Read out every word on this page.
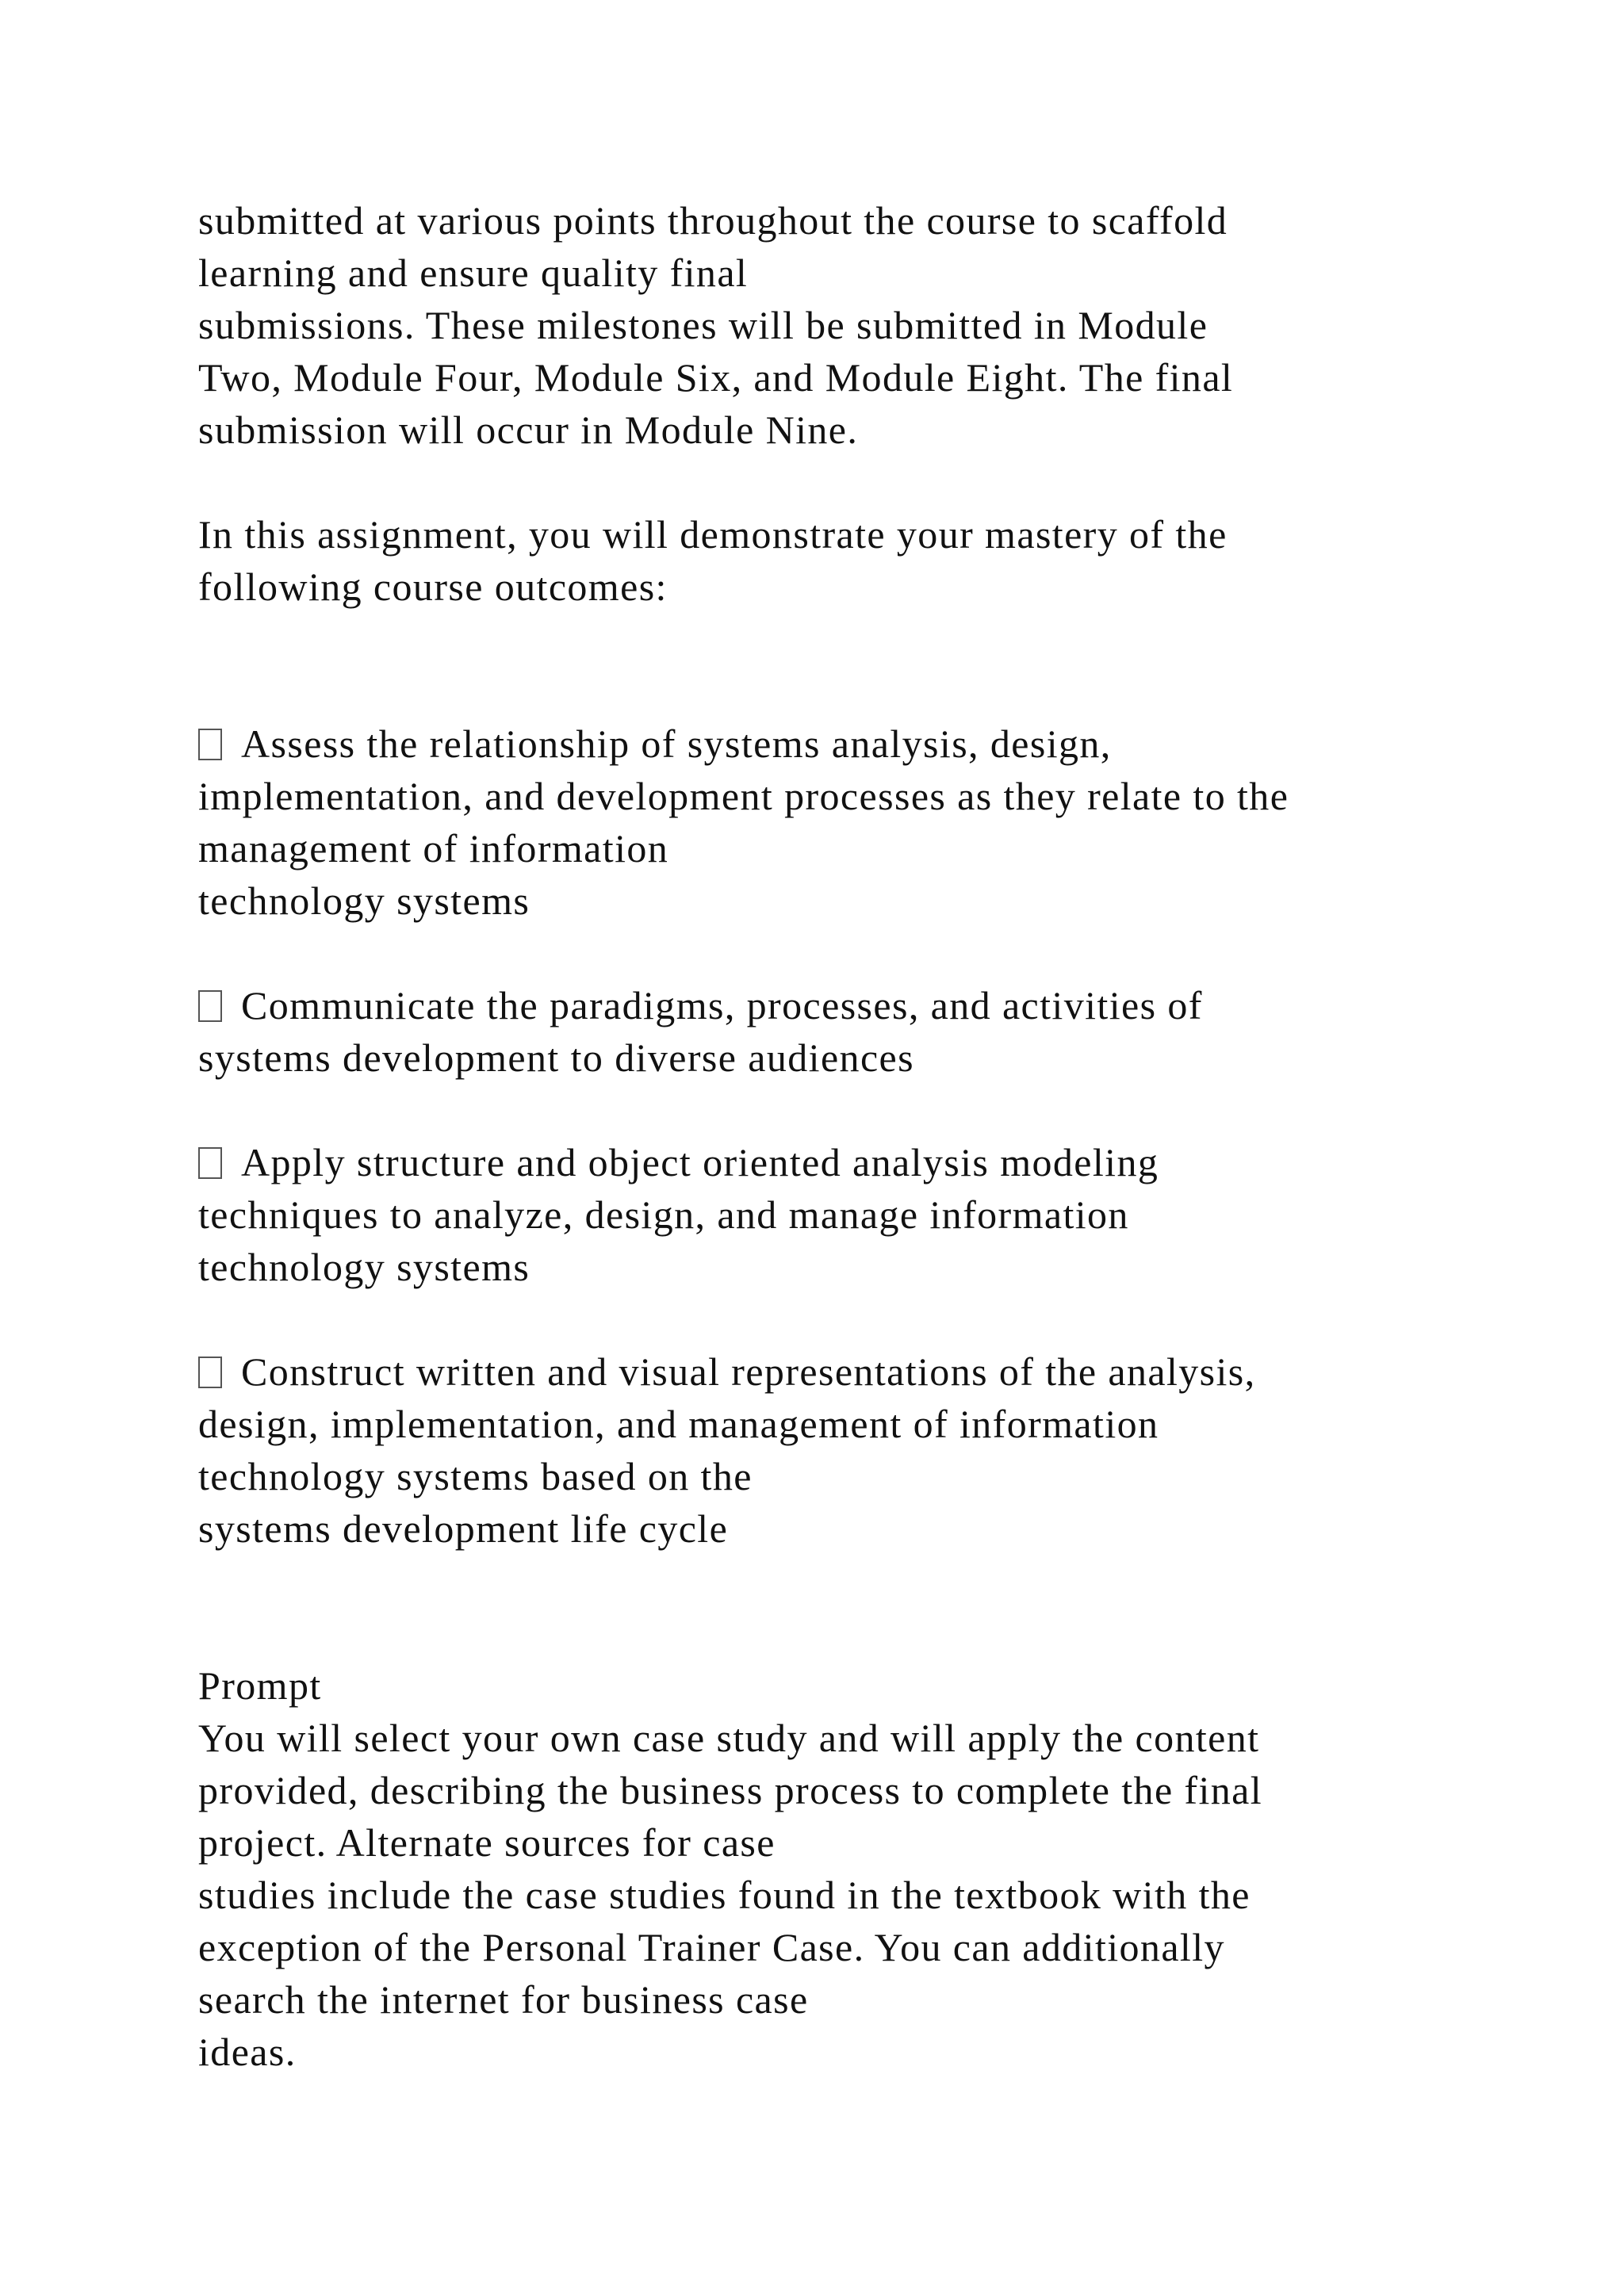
submitted at various points throughout the course to scaffold
learning and ensure quality final
submissions. These milestones will be submitted in Module
Two, Module Four, Module Six, and Module Eight. The final
submission will occur in Module Nine.
In this assignment, you will demonstrate your mastery of the
following course outcomes:
Assess the relationship of systems analysis, design,
implementation, and development processes as they relate to the
management of information
technology systems
Communicate the paradigms, processes, and activities of
systems development to diverse audiences
Apply structure and object oriented analysis modeling
techniques to analyze, design, and manage information
technology systems
Construct written and visual representations of the analysis,
design, implementation, and management of information
technology systems based on the
systems development life cycle
Prompt
You will select your own case study and will apply the content
provided, describing the business process to complete the final
project. Alternate sources for case
studies include the case studies found in the textbook with the
exception of the Personal Trainer Case. You can additionally
search the internet for business case
ideas.
